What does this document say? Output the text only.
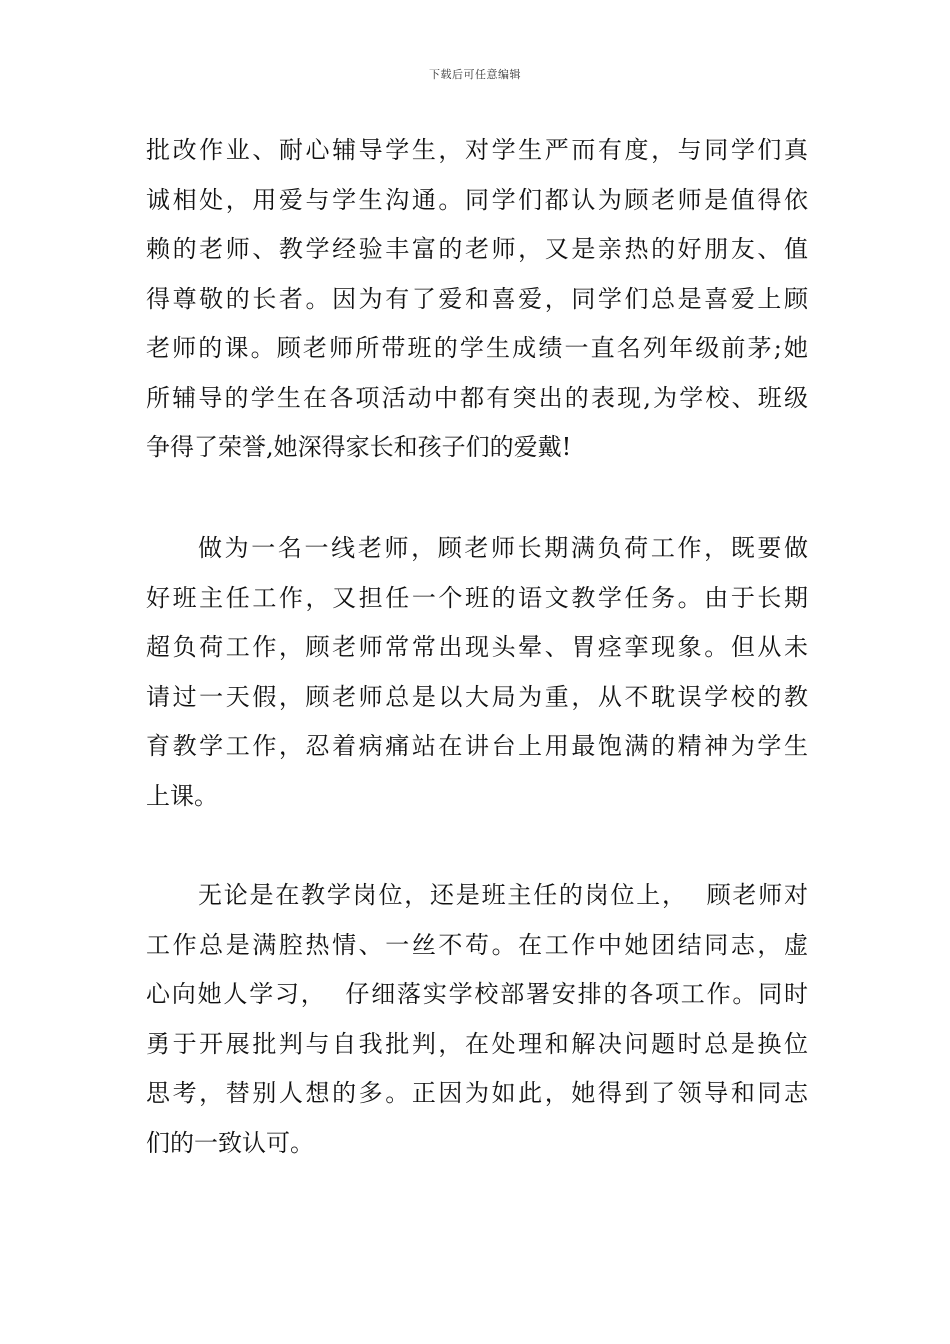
下载后可任意编辑
批改作业、耐心辅导学生，对学生严而有度，与同学们真
诚相处，用爱与学生沟通。同学们都认为顾老师是值得依
赖的老师、教学经验丰富的老师，又是亲热的好朋友、值
得尊敬的长者。因为有了爱和喜爱，同学们总是喜爱上顾
老师的课。顾老师所带班的学生成绩一直名列年级前茅;她
所辅导的学生在各项活动中都有突出的表现,为学校、班级
争得了荣誉,她深得家长和孩子们的爱戴!
做为一名一线老师，顾老师长期满负荷工作，既要做
好班主任工作，又担任一个班的语文教学任务。由于长期
超负荷工作，顾老师常常出现头晕、胃痉挛现象。但从未
请过一天假，顾老师总是以大局为重，从不耽误学校的教
育教学工作，忍着病痛站在讲台上用最饱满的精神为学生
上课。
无论是在教学岗位，还是班主任的岗位上，  顾老师对
工作总是满腔热情、一丝不苟。在工作中她团结同志，虚
心向她人学习，  仔细落实学校部署安排的各项工作。同时
勇于开展批判与自我批判，在处理和解决问题时总是换位
思考，替别人想的多。正因为如此，她得到了领导和同志
们的一致认可。
